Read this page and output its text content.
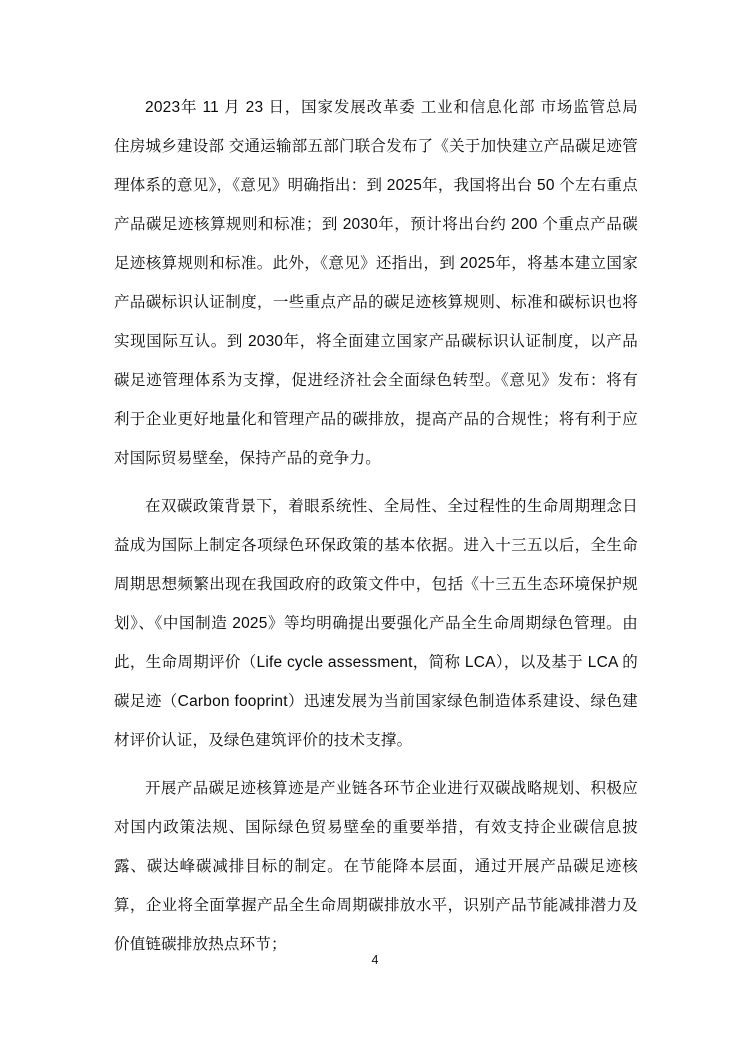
2023年 11 月 23 日，国家发展改革委 工业和信息化部 市场监管总局 住房城乡建设部 交通运输部五部门联合发布了《关于加快建立产品碳足迹管理体系的意见》，《意见》明确指出：到 2025年，我国将出台 50 个左右重点产品碳足迹核算规则和标准；到 2030年，预计将出台约 200 个重点产品碳足迹核算规则和标准。此外，《意见》还指出，到 2025年，将基本建立国家产品碳标识认证制度，一些重点产品的碳足迹核算规则、标准和碳标识也将实现国际互认。到 2030年，将全面建立国家产品碳标识认证制度，以产品碳足迹管理体系为支撑，促进经济社会全面绿色转型。《意见》发布：将有利于企业更好地量化和管理产品的碳排放，提高产品的合规性；将有利于应对国际贸易壁垒，保持产品的竞争力。

在双碳政策背景下，着眼系统性、全局性、全过程性的生命周期理念日益成为国际上制定各项绿色环保政策的基本依据。进入十三五以后，全生命周期思想频繁出现在我国政府的政策文件中，包括《十三五生态环境保护规划》、《中国制造 2025》等均明确提出要强化产品全生命周期绿色管理。由此，生命周期评价（Life cycle assessment，简称 LCA），以及基于 LCA 的碳足迹（Carbon fooprint）迅速发展为当前国家绿色制造体系建设、绿色建材评价认证，及绿色建筑评价的技术支撑。

开展产品碳足迹核算迹是产业链各环节企业进行双碳战略规划、积极应对国内政策法规、国际绿色贸易壁垒的重要举措，有效支持企业碳信息披露、碳达峰碳减排目标的制定。在节能降本层面，通过开展产品碳足迹核算，企业将全面掌握产品全生命周期碳排放水平，识别产品节能减排潜力及价值链碳排放热点环节；

4
